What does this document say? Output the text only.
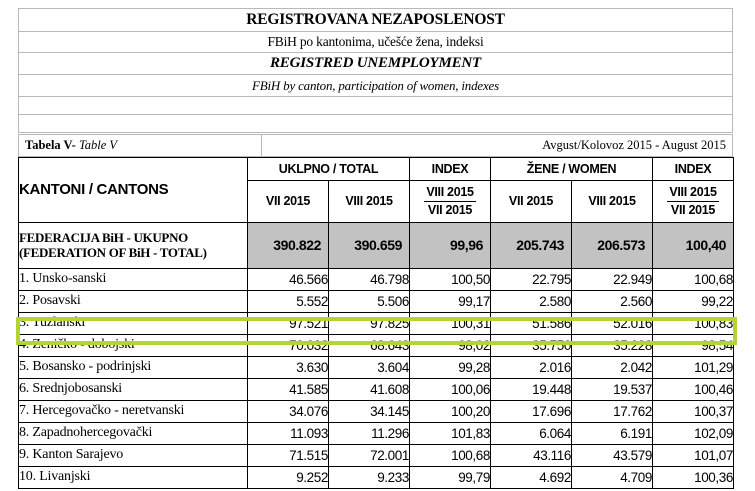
REGISTROVANA NEZAPOSLENOST
FBiH po kantonima, učešće žena, indeksi
REGISTRED UNEMPLOYMENT
FBiH by canton, participation of women, indexes

Tabela V- Table V	Avgust/Kolovoz 2015 - August 2015
KANTONI / CANTONS	UKLPNO / TOTAL		INDEX	ŽENE / WOMEN		INDEX
	VII 2015	VIII 2015	$\frac{\text{VIII 2015}}{\text{VII 2015}}$	VII 2015	VIII 2015	$\frac{\text{VIII 2015}}{\text{VII 2015}}$

FEDERACIJA BiH - UKUPNO
(FEDERATION OF BiH - TOTAL)	390.822	390.659	99,96	205.743	206.573	100,40
1. Unsko-sanski	46.566	46.798	100,50	22.795	22.949	100,68
2. Posavski	5.552	5.506	99,17	2.580	2.560	99,22
3. Tuzlanski	97.521	97.825	100,31	51.586	52.016	100,83
4. Zeničko - dobojski	70.032	68.643	98,02	35.750	35.228	98,54
5. Bosansko - podrinjski	3.630	3.604	99,28	2.016	2.042	101,29
6. Srednjobosanski	41.585	41.608	100,06	19.448	19.537	100,46
7. Hercegovačko - neretvanski	34.076	34.145	100,20	17.696	17.762	100,37
8. Zapadnohercegovački	11.093	11.296	101,83	6.064	6.191	102,09
9. Kanton Sarajevo	71.515	72.001	100,68	43.116	43.579	101,07
10. Livanjski	9.252	9.233	99,79	4.692	4.709	100,36
